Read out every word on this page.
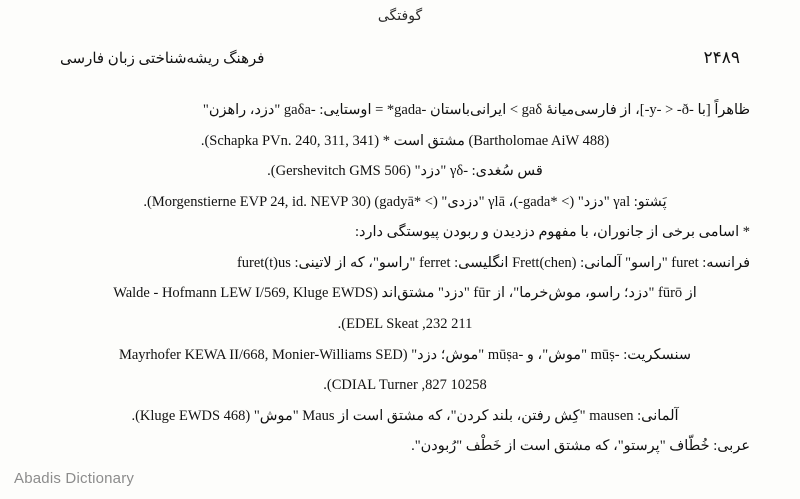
گوفتگی
۲۴۸۹
فرهنگ ریشه‌شناختی زبان فارسی
ظاهراً [با -y- > -ð-]، از فارسی‌میانهٔ gaδ > ایرانی‌باستان -gada* = اوستایی: -gaδa "دزد، راهزن"
(Bartholomae AiW 488) مشتق است * (Schapka PVn. 240, 311, 341).
قس سُغدی: -γδ "دزد" (Gershevitch GMS 506).
پَشتو: γal "دزد" (> *gada-)، γlā "دزدی" (> *gadyā) (Morgenstierne EVP 24, id. NEVP 30).
* اسامی برخی از جانوران، با مفهوم دزدیدن و ربودن پیوستگی دارد:
فرانسه: furet "راسو" آلمانی: Frett(chen) انگلیسی: ferret "راسو"، که از لاتینی: furet(t)us
از fūrō "دزد؛ راسو، موش‌خرما"، از fūr "دزد" مشتق‌اند (Walde - Hofmann LEW I/569, Kluge EWDS
211 EDEL Skeat ,232).
سنسکریت: -mūṣ "موش"، و -mūṣa "موش؛ دزد" (Mayrhofer KEWA II/668, Monier-Williams SED
10258 CDIAL Turner ,827).
آلمانی: mausen "کِش رفتن، بلند کردن"، که مشتق است از Maus "موش" (Kluge EWDS 468).
عربی: خُطّاف "پرستو"، که مشتق است از خَطْف "رُبودن".
Abadis Dictionary
